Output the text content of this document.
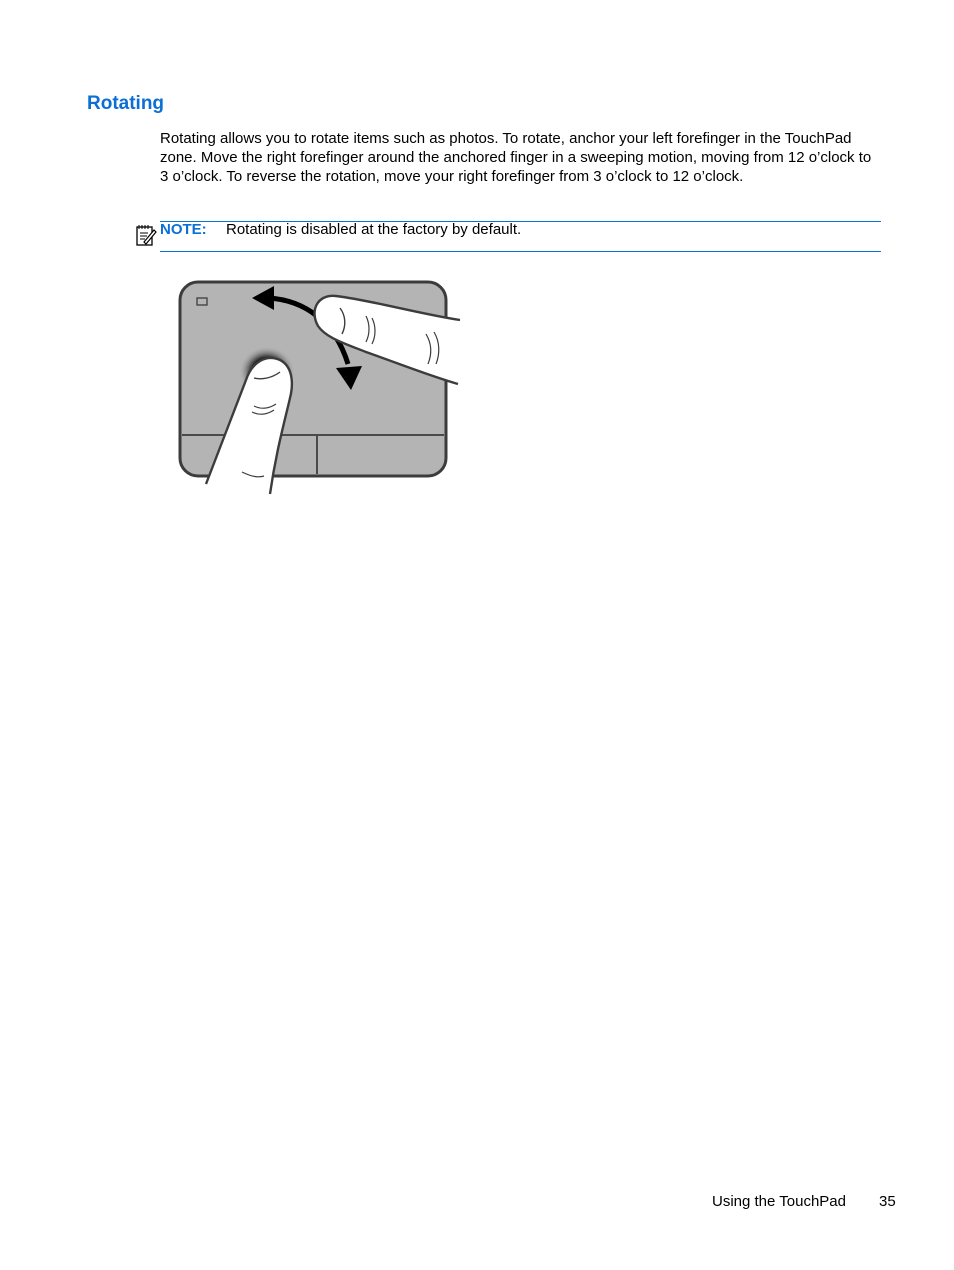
Rotating

Rotating allows you to rotate items such as photos. To rotate, anchor your left forefinger in the TouchPad zone. Move the right forefinger around the anchored finger in a sweeping motion, moving from 12 o’clock to 3 o’clock. To reverse the rotation, move your right forefinger from 3 o’clock to 12 o’clock.

NOTE: Rotating is disabled at the factory by default.
Using the TouchPad 35
